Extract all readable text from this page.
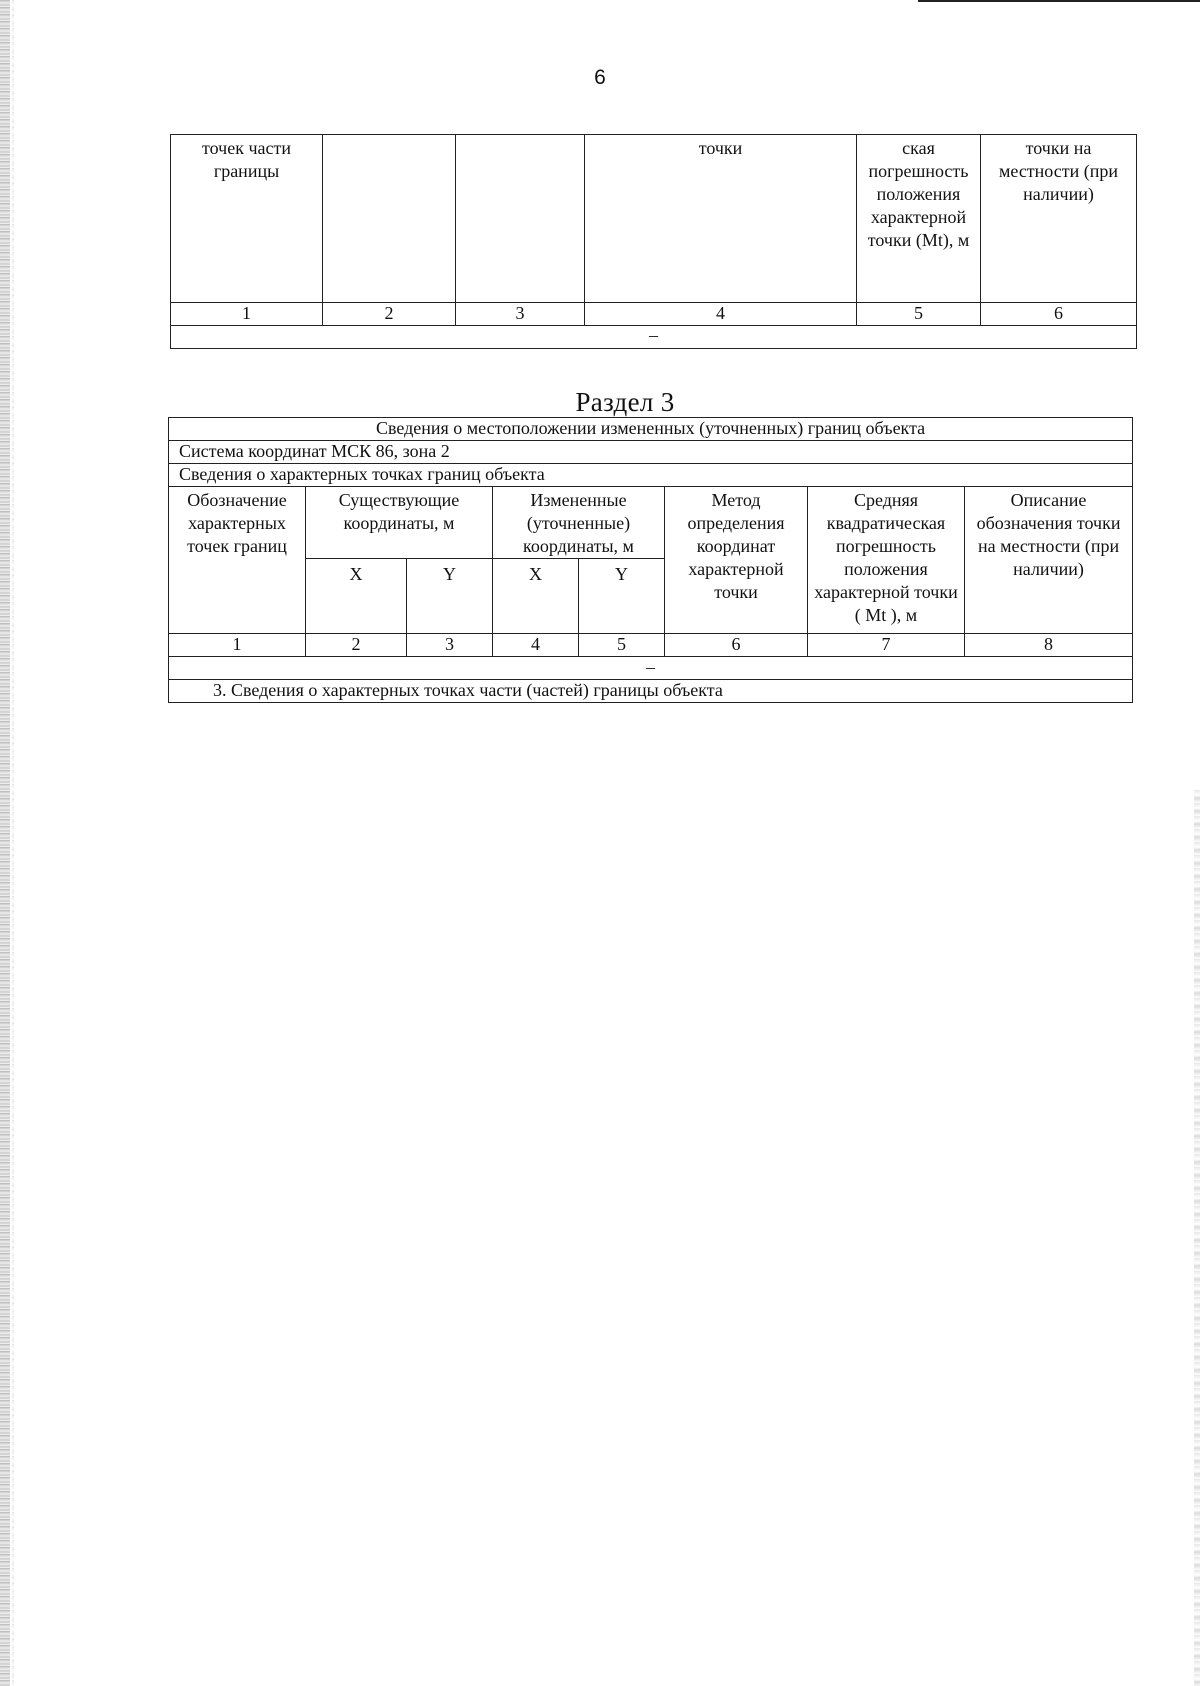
6
точек части границы			точки	ская погрешность положения характерной точки (Mt), м	точки на местности (при наличии)
1	2	3	4	5	6
–					
Раздел 3
Сведения о местоположении измененных (уточненных) границ объекта							
Система координат МСК 86, зона 2							
Сведения о характерных точках границ объекта							
Обозначение характерных точек границ	Существующие координаты, м		Измененные (уточненные) координаты, м		Метод определения координат характерной точки	Средняя квадратическая погрешность положения характерной точки ( Mt ), м	Описание обозначения точки на местности (при наличии)
	X	Y	X	Y			
1	2	3	4	5	6	7	8
–							
3. Сведения о характерных точках части (частей) границы объекта							
